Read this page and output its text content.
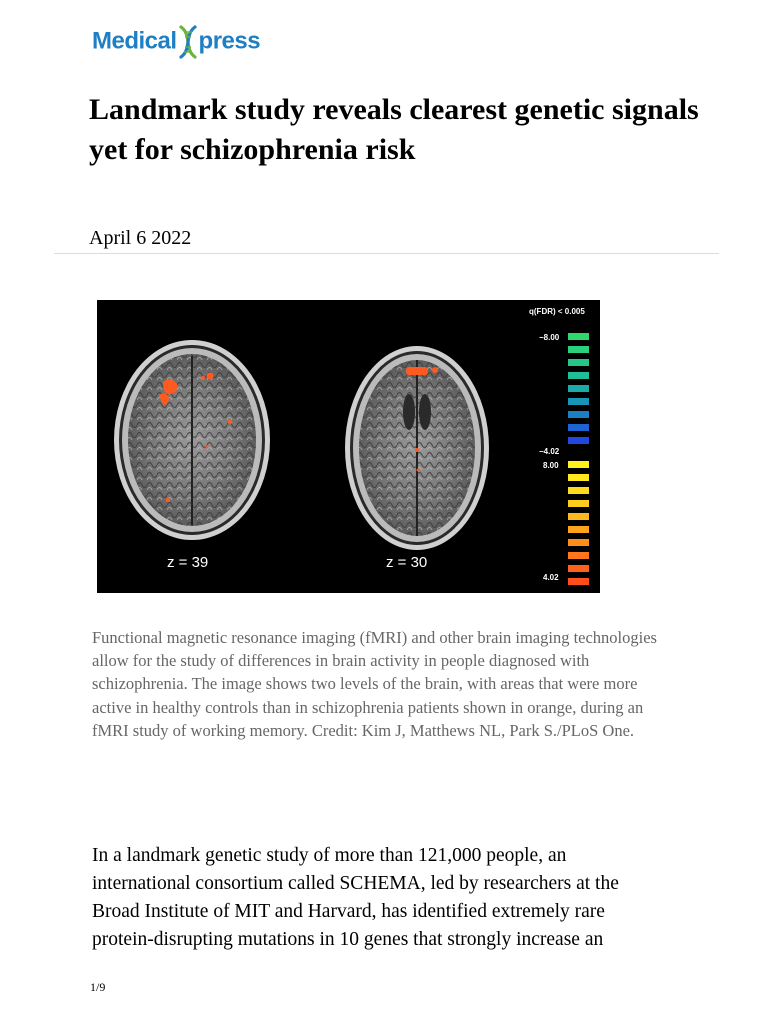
Medical press
Landmark study reveals clearest genetic signals yet for schizophrenia risk
April 6 2022
q(FDR) < 0.005
−8.00
−4.02
8.00
4.02
z = 39	z = 30

Functional magnetic resonance imaging (fMRI) and other brain imaging technologies allow for the study of differences in brain activity in people diagnosed with schizophrenia. The image shows two levels of the brain, with areas that were more active in healthy controls than in schizophrenia patients shown in orange, during an fMRI study of working memory. Credit: Kim J, Matthews NL, Park S./PLoS One.

In a landmark genetic study of more than 121,000 people, an international consortium called SCHEMA, led by researchers at the Broad Institute of MIT and Harvard, has identified extremely rare protein-disrupting mutations in 10 genes that strongly increase an

1/9
